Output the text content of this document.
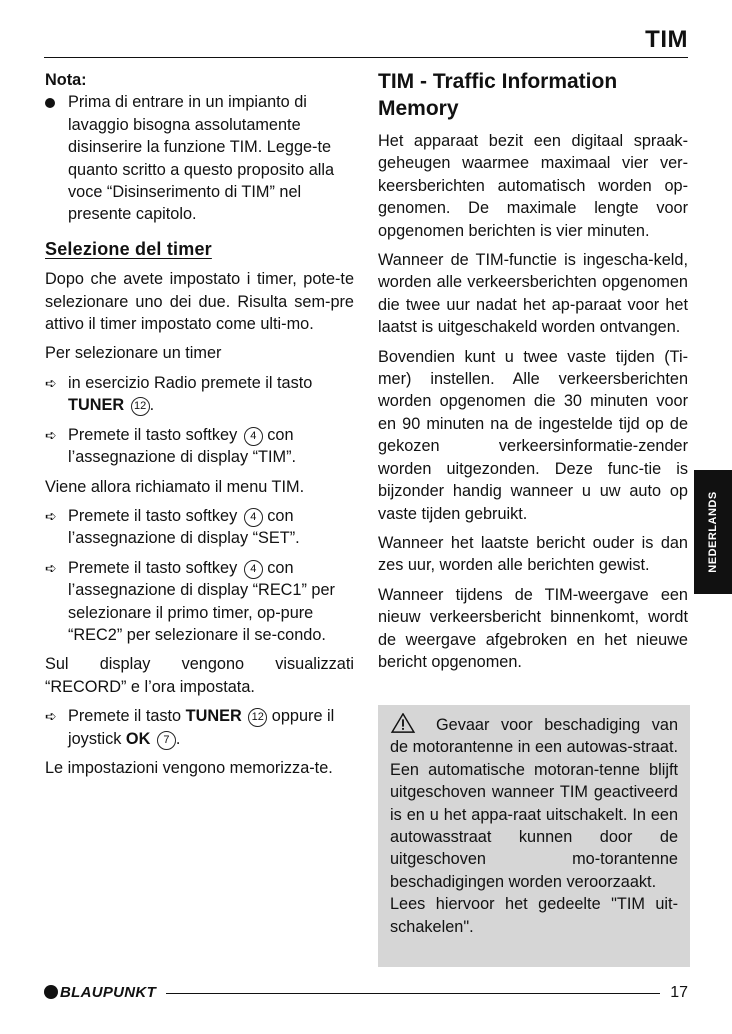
TIM
Nota:
Prima di entrare in un impianto di lavaggio bisogna assolutamente disinserire la funzione TIM. Legge-te quanto scritto a questo proposito alla voce “Disinserimento di TIM” nel presente capitolo.
Selezione del timer

Dopo che avete impostato i timer, pote-te selezionare uno dei due. Risulta sem-pre attivo il timer impostato come ulti-mo.

Per selezionare un timer

➪ in esercizio Radio premete il tasto TUNER 12 .
➪ Premete il tasto softkey 4 con l’assegnazione di display “TIM”.

Viene allora richiamato il menu TIM.

➪ Premete il tasto softkey 4 con l’assegnazione di display “SET”.
➪ Premete il tasto softkey 4 con l’assegnazione di display “REC1” per selezionare il primo timer, op-pure “REC2” per selezionare il se-condo.

Sul display vengono visualizzati “RECORD” e l’ora impostata.

➪ Premete il tasto TUNER 12 oppure il joystick OK 7 .

Le impostazioni vengono memorizza-te.

TIM - Traffic Information Memory

Het apparaat bezit een digitaal spraak-geheugen waarmee maximaal vier ver-keersberichten automatisch worden op-genomen. De maximale lengte voor opgenomen berichten is vier minuten.

Wanneer de TIM-functie is ingescha-keld, worden alle verkeersberichten opgenomen die twee uur nadat het ap-paraat voor het laatst is uitgeschakeld worden ontvangen.

Bovendien kunt u twee vaste tijden (Ti-mer) instellen. Alle verkeersberichten worden opgenomen die 30 minuten voor en 90 minuten na de ingestelde tijd op de gekozen verkeersinformatie-zender worden uitgezonden. Deze func-tie is bijzonder handig wanneer u uw auto op vaste tijden gebruikt.

Wanneer het laatste bericht ouder is dan zes uur, worden alle berichten gewist.

Wanneer tijdens de TIM-weergave een nieuw verkeersbericht binnenkomt, wordt de weergave afgebroken en het nieuwe bericht opgenomen.

Gevaar voor beschadiging van de motorantenne in een autowas-straat. Een automatische motoran-tenne blijft uitgeschoven wanneer TIM geactiveerd is en u het appa-raat uitschakelt. In een autowasstraat kunnen door de uitgeschoven mo-torantenne beschadigingen worden veroorzaakt.

Lees hiervoor het gedeelte "TIM uit-schakelen".

NEDERLANDS
BLAUPUNKT	17
